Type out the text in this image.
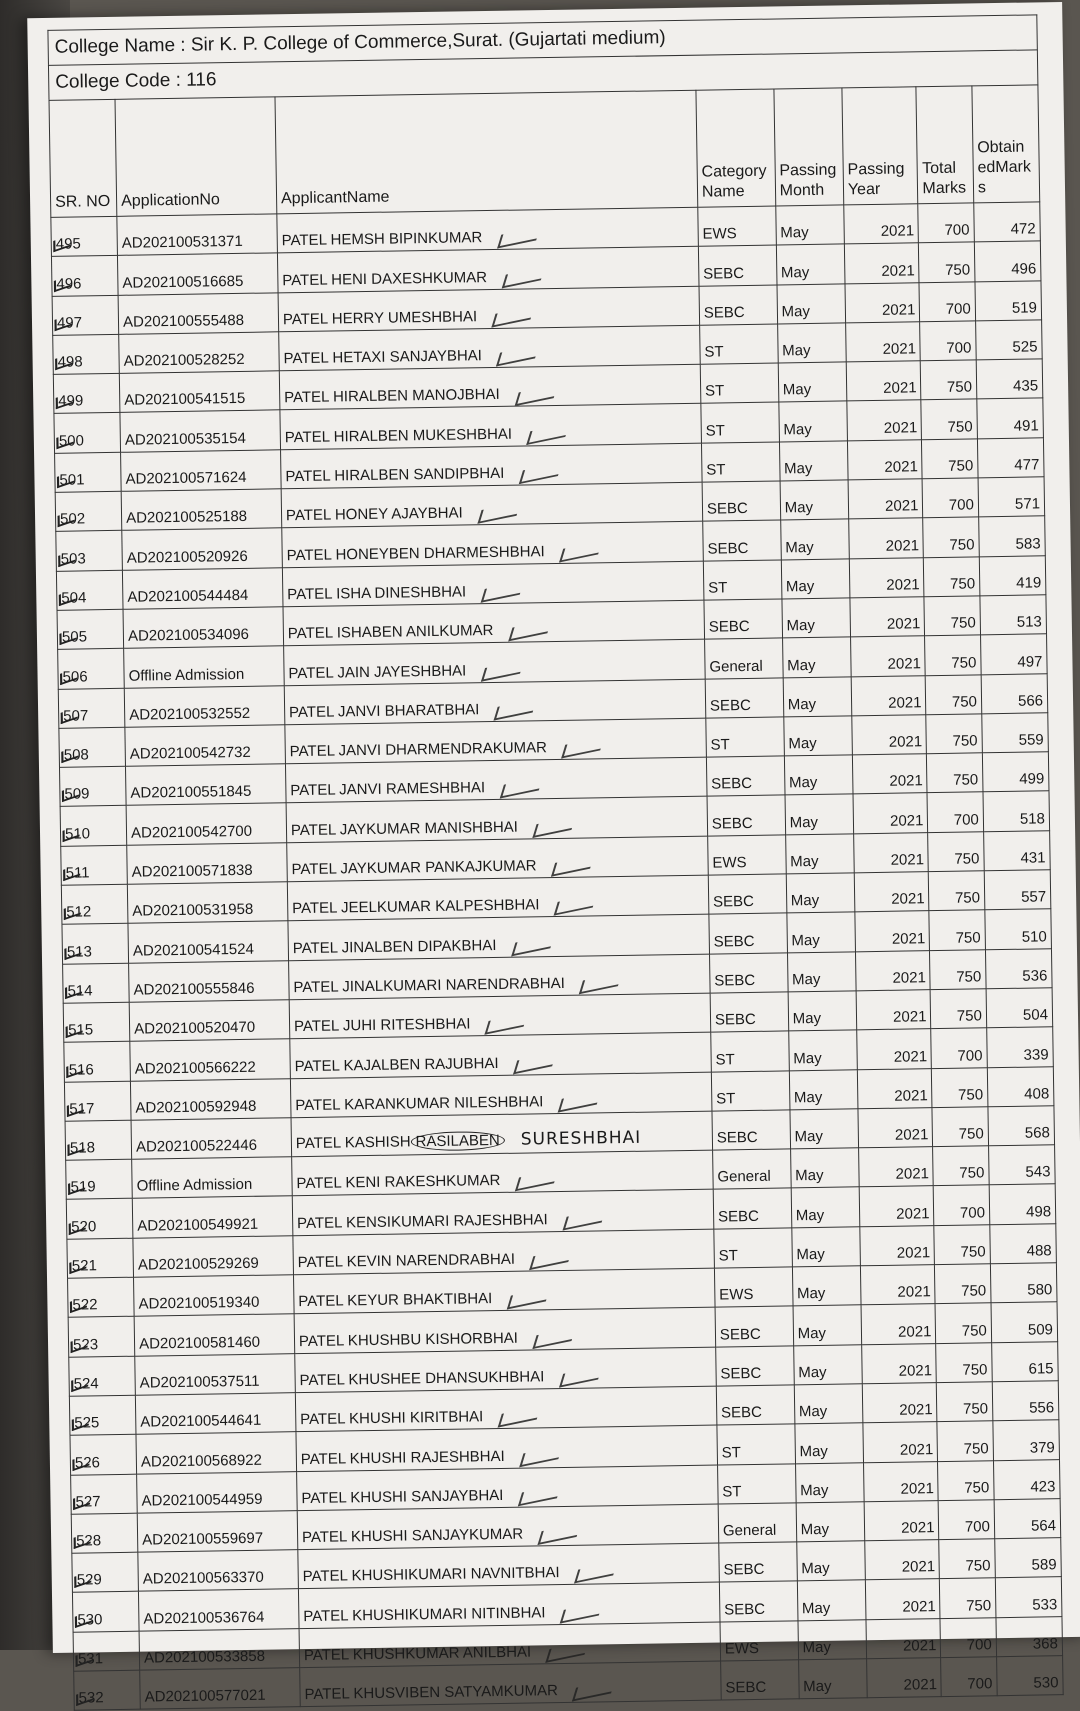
College Name : Sir K. P. College of Commerce,Surat. (Gujartati medium)
College Code : 116
SR. NO	ApplicationNo	ApplicantName	Category Name	Passing Month	Passing Year	Total Marks	Obtain edMark s

495	AD202100531371	PATEL HEMSH BIPINKUMAR	EWS	May	2021	700	472

496	AD202100516685	PATEL HENI DAXESHKUMAR	SEBC	May	2021	750	496

497	AD202100555488	PATEL HERRY UMESHBHAI	SEBC	May	2021	700	519

498	AD202100528252	PATEL HETAXI SANJAYBHAI	ST	May	2021	700	525

499	AD202100541515	PATEL HIRALBEN MANOJBHAI	ST	May	2021	750	435

500	AD202100535154	PATEL HIRALBEN MUKESHBHAI	ST	May	2021	750	491

501	AD202100571624	PATEL HIRALBEN SANDIPBHAI	ST	May	2021	750	477

502	AD202100525188	PATEL HONEY AJAYBHAI	SEBC	May	2021	700	571

503	AD202100520926	PATEL HONEYBEN DHARMESHBHAI	SEBC	May	2021	750	583

504	AD202100544484	PATEL ISHA DINESHBHAI	ST	May	2021	750	419

505	AD202100534096	PATEL ISHABEN ANILKUMAR	SEBC	May	2021	750	513

506	Offline Admission	PATEL JAIN JAYESHBHAI	General	May	2021	750	497

507	AD202100532552	PATEL JANVI BHARATBHAI	SEBC	May	2021	750	566

508	AD202100542732	PATEL JANVI DHARMENDRAKUMAR	ST	May	2021	750	559

509	AD202100551845	PATEL JANVI RAMESHBHAI	SEBC	May	2021	750	499

510	AD202100542700	PATEL JAYKUMAR MANISHBHAI	SEBC	May	2021	700	518

511	AD202100571838	PATEL JAYKUMAR PANKAJKUMAR	EWS	May	2021	750	431

512	AD202100531958	PATEL JEELKUMAR KALPESHBHAI	SEBC	May	2021	750	557

513	AD202100541524	PATEL JINALBEN DIPAKBHAI	SEBC	May	2021	750	510

514	AD202100555846	PATEL JINALKUMARI NARENDRABHAI	SEBC	May	2021	750	536

515	AD202100520470	PATEL JUHI RITESHBHAI	SEBC	May	2021	750	504

516	AD202100566222	PATEL KAJALBEN RAJUBHAI	ST	May	2021	700	339

517	AD202100592948	PATEL KARANKUMAR NILESHBHAI	ST	May	2021	750	408

518	AD202100522446	PATEL KASHISH RASILABEN SURESHBHAI	SEBC	May	2021	750	568

519	Offline Admission	PATEL KENI RAKESHKUMAR	General	May	2021	750	543

520	AD202100549921	PATEL KENSIKUMARI RAJESHBHAI	SEBC	May	2021	700	498

521	AD202100529269	PATEL KEVIN NARENDRABHAI	ST	May	2021	750	488

522	AD202100519340	PATEL KEYUR BHAKTIBHAI	EWS	May	2021	750	580

523	AD202100581460	PATEL KHUSHBU KISHORBHAI	SEBC	May	2021	750	509

524	AD202100537511	PATEL KHUSHEE DHANSUKHBHAI	SEBC	May	2021	750	615

525	AD202100544641	PATEL KHUSHI KIRITBHAI	SEBC	May	2021	750	556

526	AD202100568922	PATEL KHUSHI RAJESHBHAI	ST	May	2021	750	379

527	AD202100544959	PATEL KHUSHI SANJAYBHAI	ST	May	2021	750	423

528	AD202100559697	PATEL KHUSHI SANJAYKUMAR	General	May	2021	700	564

529	AD202100563370	PATEL KHUSHIKUMARI NAVNITBHAI	SEBC	May	2021	750	589

530	AD202100536764	PATEL KHUSHIKUMARI NITINBHAI	SEBC	May	2021	750	533

531	AD202100533858	PATEL KHUSHKUMAR ANILBHAI	EWS	May	2021	700	368

532	AD202100577021	PATEL KHUSVIBEN SATYAMKUMAR	SEBC	May	2021	700	530
